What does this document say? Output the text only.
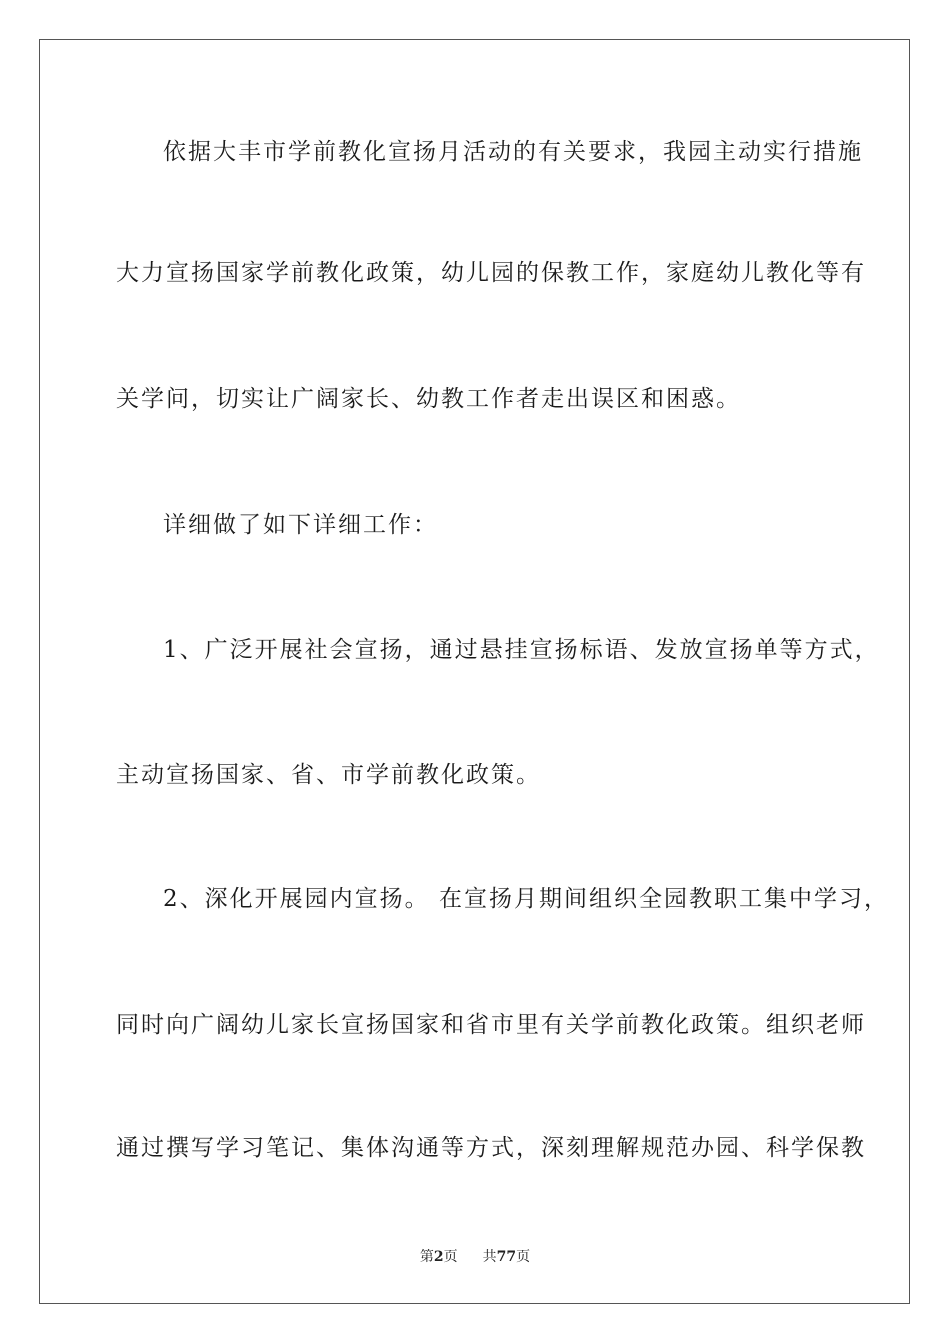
依据大丰市学前教化宣扬月活动的有关要求，我园主动实行措施
大力宣扬国家学前教化政策，幼儿园的保教工作，家庭幼儿教化等有
关学问，切实让广阔家长、幼教工作者走出误区和困惑。
详细做了如下详细工作：
1、广泛开展社会宣扬，通过悬挂宣扬标语、发放宣扬单等方式，
主动宣扬国家、省、市学前教化政策。
2、深化开展园内宣扬。 在宣扬月期间组织全园教职工集中学习，
同时向广阔幼儿家长宣扬国家和省市里有关学前教化政策。组织老师
通过撰写学习笔记、集体沟通等方式，深刻理解规范办园、科学保教
第2页 共77页
